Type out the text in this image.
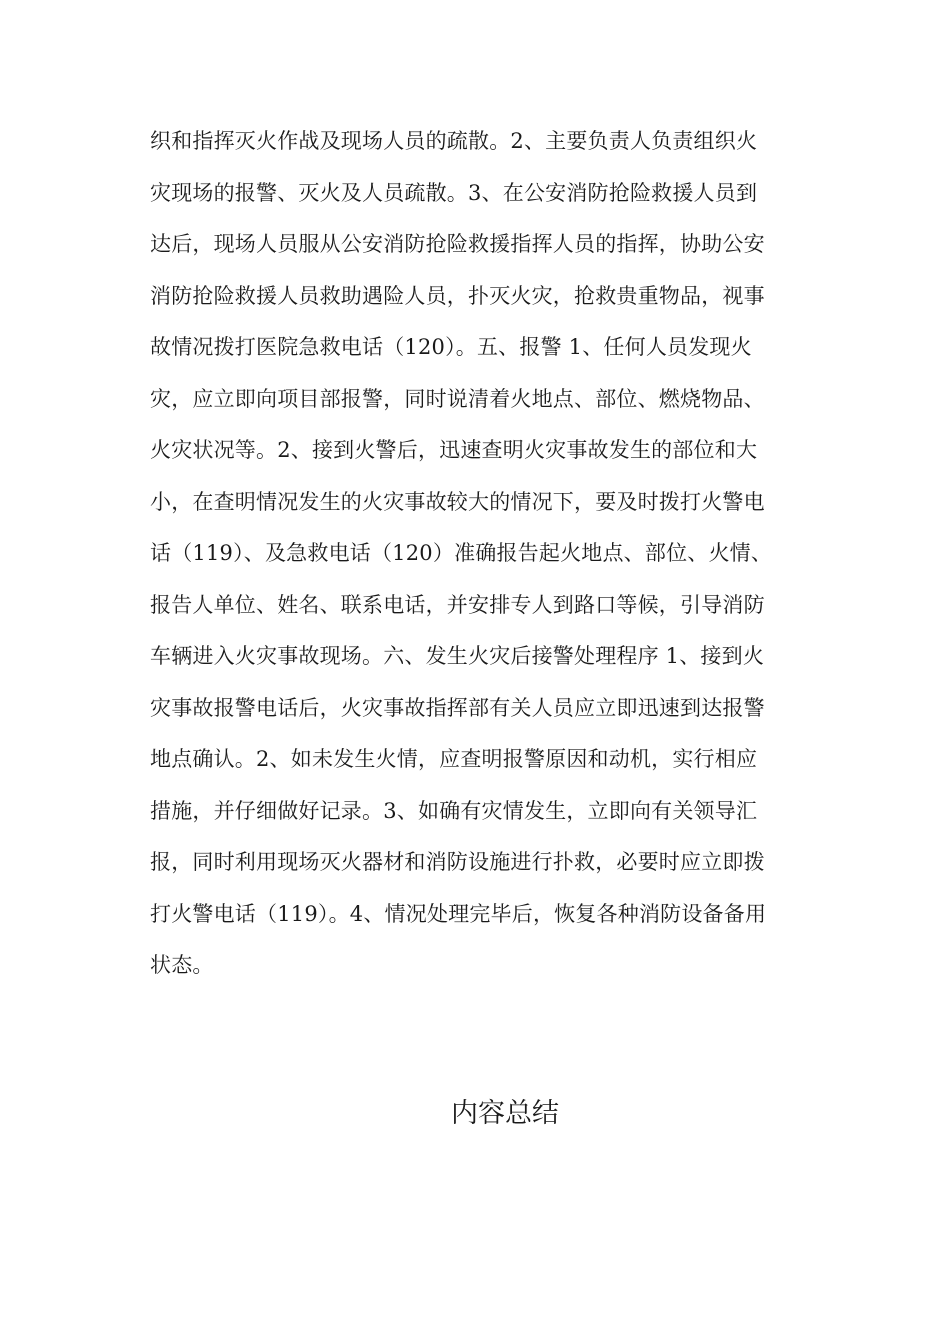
织和指挥灭火作战及现场人员的疏散。2、主要负责人负责组织火
灾现场的报警、灭火及人员疏散。3、在公安消防抢险救援人员到
达后，现场人员服从公安消防抢险救援指挥人员的指挥，协助公安
消防抢险救援人员救助遇险人员，扑灭火灾，抢救贵重物品，视事
故情况拨打医院急救电话（120）。五、报警 1、任何人员发现火
灾，应立即向项目部报警，同时说清着火地点、部位、燃烧物品、
火灾状况等。2、接到火警后，迅速查明火灾事故发生的部位和大
小，在查明情况发生的火灾事故较大的情况下，要及时拨打火警电
话（119）、及急救电话（120）准确报告起火地点、部位、火情、
报告人单位、姓名、联系电话，并安排专人到路口等候，引导消防
车辆进入火灾事故现场。六、发生火灾后接警处理程序 1、接到火
灾事故报警电话后，火灾事故指挥部有关人员应立即迅速到达报警
地点确认。2、如未发生火情，应查明报警原因和动机，实行相应
措施，并仔细做好记录。3、如确有灾情发生，立即向有关领导汇
报，同时利用现场灭火器材和消防设施进行扑救，必要时应立即拨
打火警电话（119）。4、情况处理完毕后，恢复各种消防设备备用
状态。
内容总结
